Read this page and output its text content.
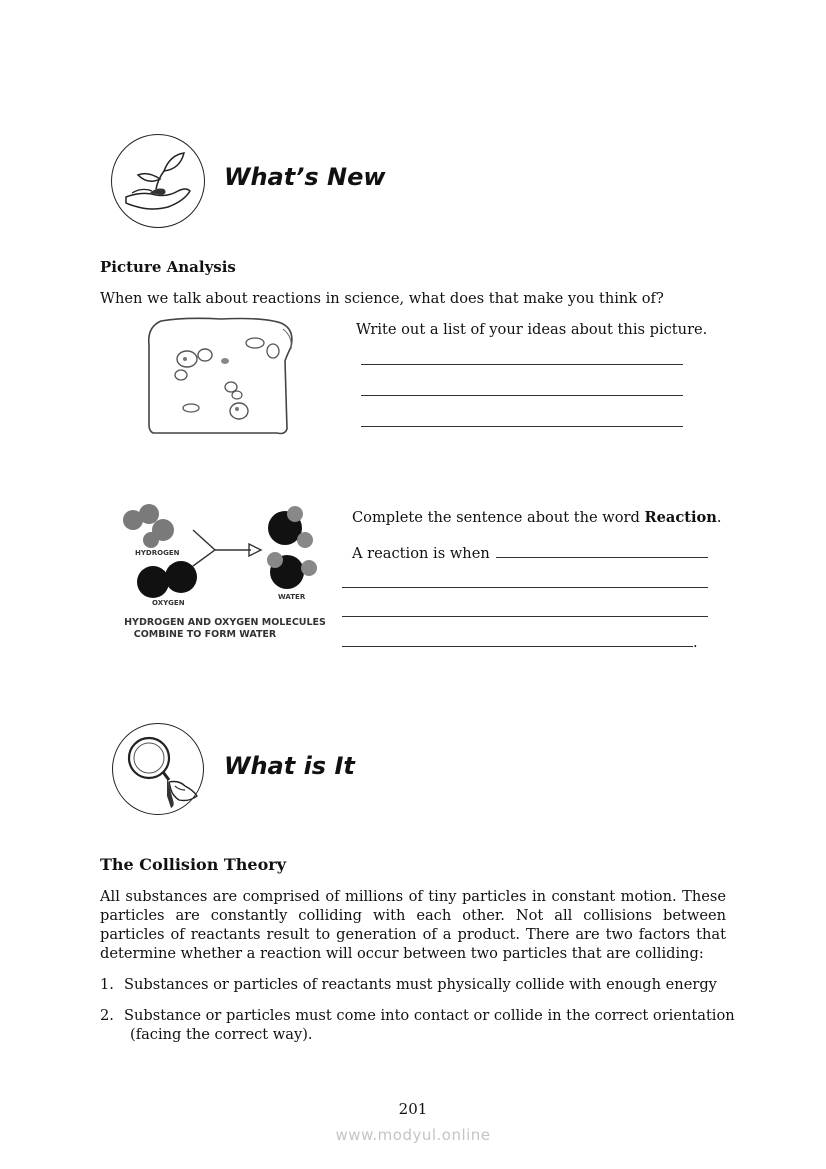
What’s New
Picture Analysis
When we talk about reactions in science, what does that make you think of?
Write out a list of your ideas about this picture.
HYDROGEN
OXYGEN
WATER
HYDROGEN AND OXYGEN MOLECULES
COMBINE TO FORM WATER
Complete the sentence about the word Reaction.
A reaction is when
.
What is It
The Collision Theory
All substances are comprised of millions of tiny particles in constant motion. These particles are constantly colliding with each other. Not all collisions between particles of reactants result to generation of a product. There are two factors that determine whether a reaction will occur between two particles that are colliding:
1. Substances or particles of reactants must physically collide with enough energy
2. Substance or particles must come into contact or collide in the correct orientation
(facing the correct way).
201
www.modyul.online
